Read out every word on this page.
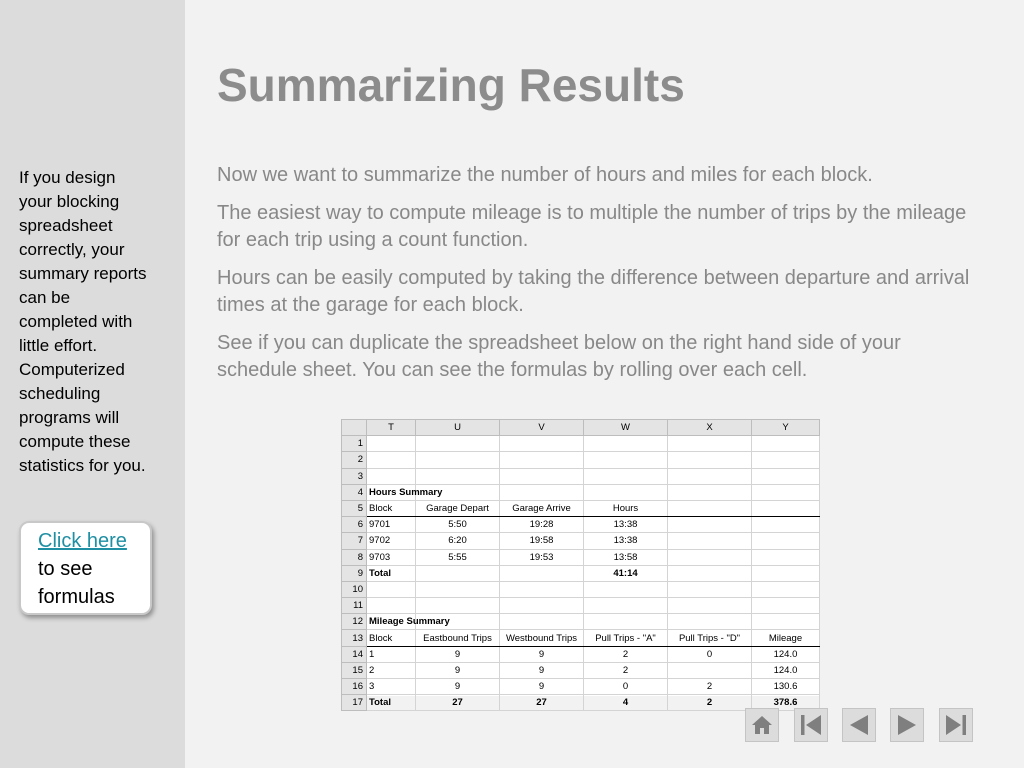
If you design
your blocking
spreadsheet
correctly, your
summary reports
can be
completed with
little effort.
Computerized
scheduling
programs will
compute these
statistics for you.
Click here
to see formulas
Summarizing Results

Now we want to summarize the number of hours and miles for each block.

The easiest way to compute mileage is to multiple the number of trips by the mileage for each trip using a count function.

Hours can be easily computed by taking the difference between departure and arrival times at the garage for each block.

See if you can duplicate the spreadsheet below on the right hand side of your schedule sheet. You can see the formulas by rolling over each cell.

	T	U	V	W	X	Y
1						
2						
3						
4	Hours Summary					
5	Block	Garage Depart	Garage Arrive	Hours		
6	9701	5:50	19:28	13:38		
7	9702	6:20	19:58	13:38		
8	9703	5:55	19:53	13:58		
9	Total			41:14		
10						
11						
12	Mileage Summary					
13	Block	Eastbound Trips	Westbound Trips	Pull Trips - "A"	Pull Trips - "D"	Mileage
14	1	9	9	2	0	124.0
15	2	9	9	2		124.0
16	3	9	9	0	2	130.6
17	Total	27	27	4	2	378.6
